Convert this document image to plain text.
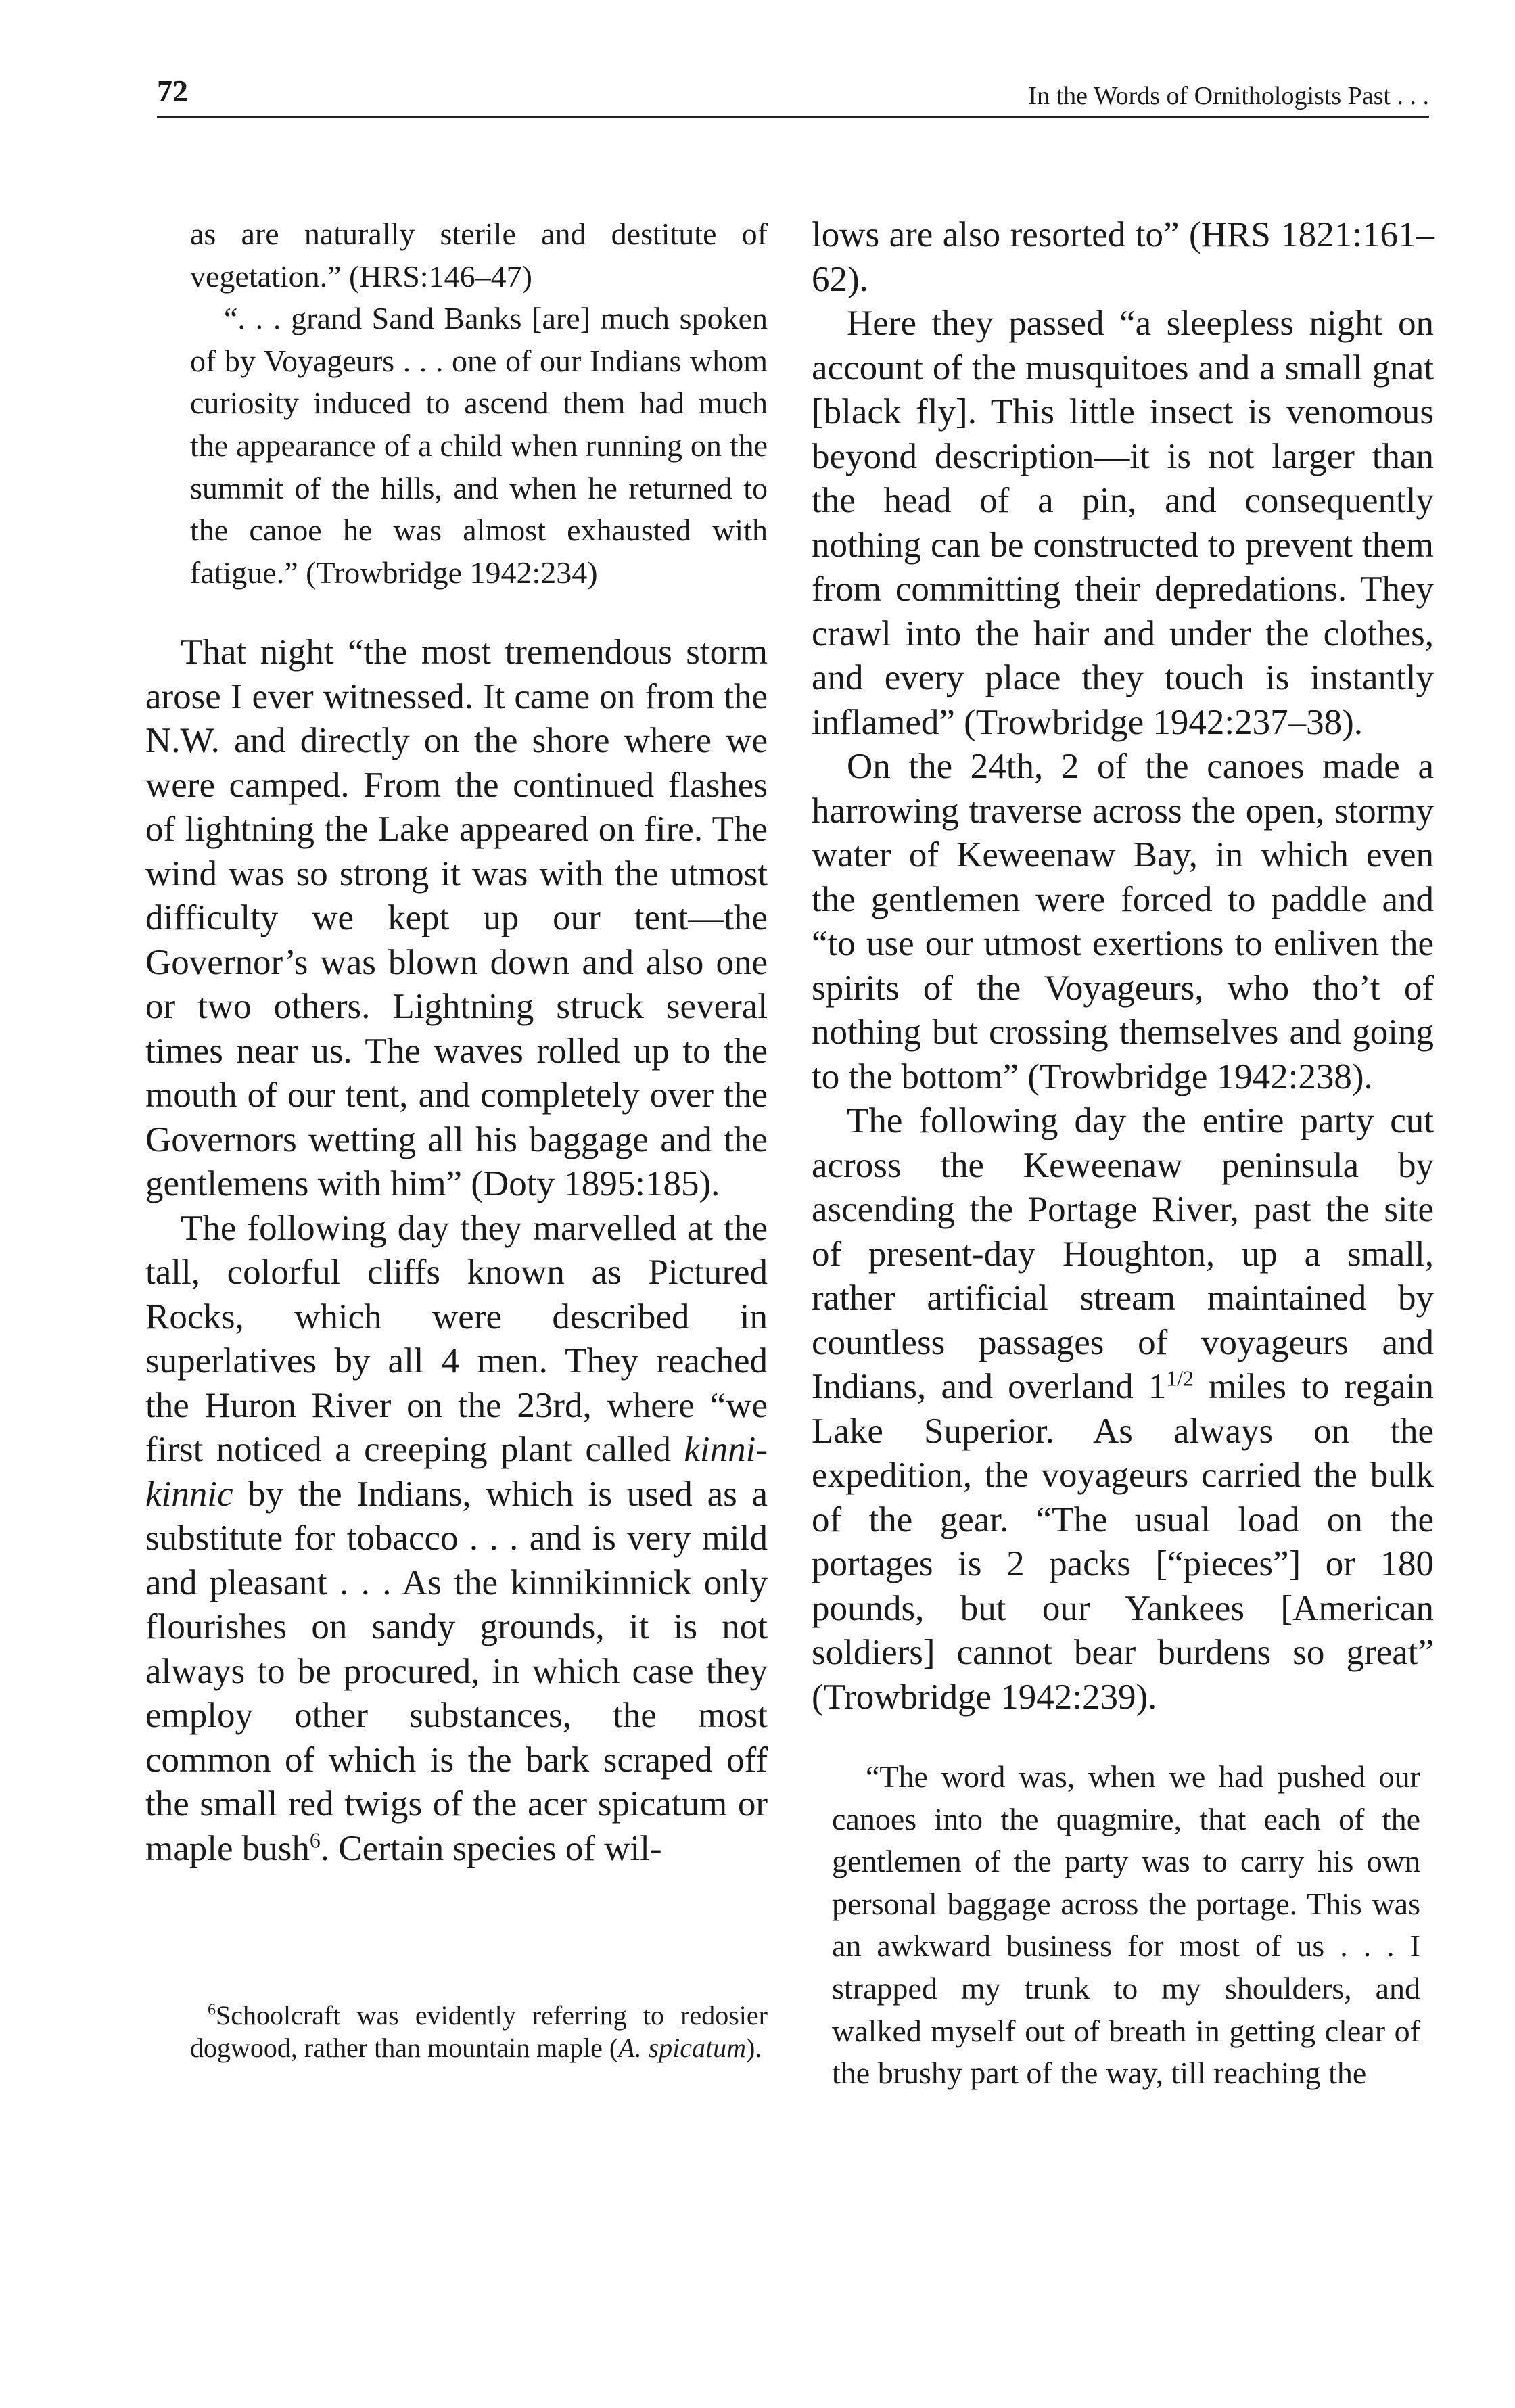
72	In the Words of Ornithologists Past . . .

as are naturally sterile and destitute of vegetation.” (HRS:146–47)

“. . . grand Sand Banks [are] much spoken of by Voyageurs . . . one of our Indians whom curiosity induced to ascend them had much the appearance of a child when running on the summit of the hills, and when he returned to the canoe he was almost exhausted with fatigue.” (Trowbridge 1942:234)

That night “the most tremendous storm arose I ever witnessed. It came on from the N.W. and directly on the shore where we were camped. From the continued flashes of lightning the Lake appeared on fire. The wind was so strong it was with the utmost difficulty we kept up our tent—the Governor’s was blown down and also one or two others. Lightning struck several times near us. The waves rolled up to the mouth of our tent, and completely over the Governors wetting all his baggage and the gentlemens with him” (Doty 1895:185).

The following day they marvelled at the tall, colorful cliffs known as Pictured Rocks, which were described in superlatives by all 4 men. They reached the Huron River on the 23rd, where “we first noticed a creeping plant called kinni-kinnic by the Indians, which is used as a substitute for tobacco . . . and is very mild and pleasant . . . As the kinnikinnick only flourishes on sandy grounds, it is not always to be procured, in which case they employ other substances, the most common of which is the bark scraped off the small red twigs of the acer spicatum or maple bush$^6$. Certain species of wil-

$^6$Schoolcraft was evidently referring to redosier dogwood, rather than mountain maple (A. spicatum).

lows are also resorted to” (HRS 1821:161–62).

Here they passed “a sleepless night on account of the musquitoes and a small gnat [black fly]. This little insect is venomous beyond description—it is not larger than the head of a pin, and consequently nothing can be constructed to prevent them from committing their depredations. They crawl into the hair and under the clothes, and every place they touch is instantly inflamed” (Trowbridge 1942:237–38).

On the 24th, 2 of the canoes made a harrowing traverse across the open, stormy water of Keweenaw Bay, in which even the gentlemen were forced to paddle and “to use our utmost exertions to enliven the spirits of the Voyageurs, who tho’t of nothing but crossing themselves and going to the bottom” (Trowbridge 1942:238).

The following day the entire party cut across the Keweenaw peninsula by ascending the Portage River, past the site of present-day Houghton, up a small, rather artificial stream maintained by countless passages of voyageurs and Indians, and overland $1^{1/2}$ miles to regain Lake Superior. As always on the expedition, the voyageurs carried the bulk of the gear. “The usual load on the portages is 2 packs [“pieces”] or 180 pounds, but our Yankees [American soldiers] cannot bear burdens so great” (Trowbridge 1942:239).

“The word was, when we had pushed our canoes into the quagmire, that each of the gentlemen of the party was to carry his own personal baggage across the portage. This was an awkward business for most of us . . . I strapped my trunk to my shoulders, and walked myself out of breath in getting clear of the brushy part of the way, till reaching the
